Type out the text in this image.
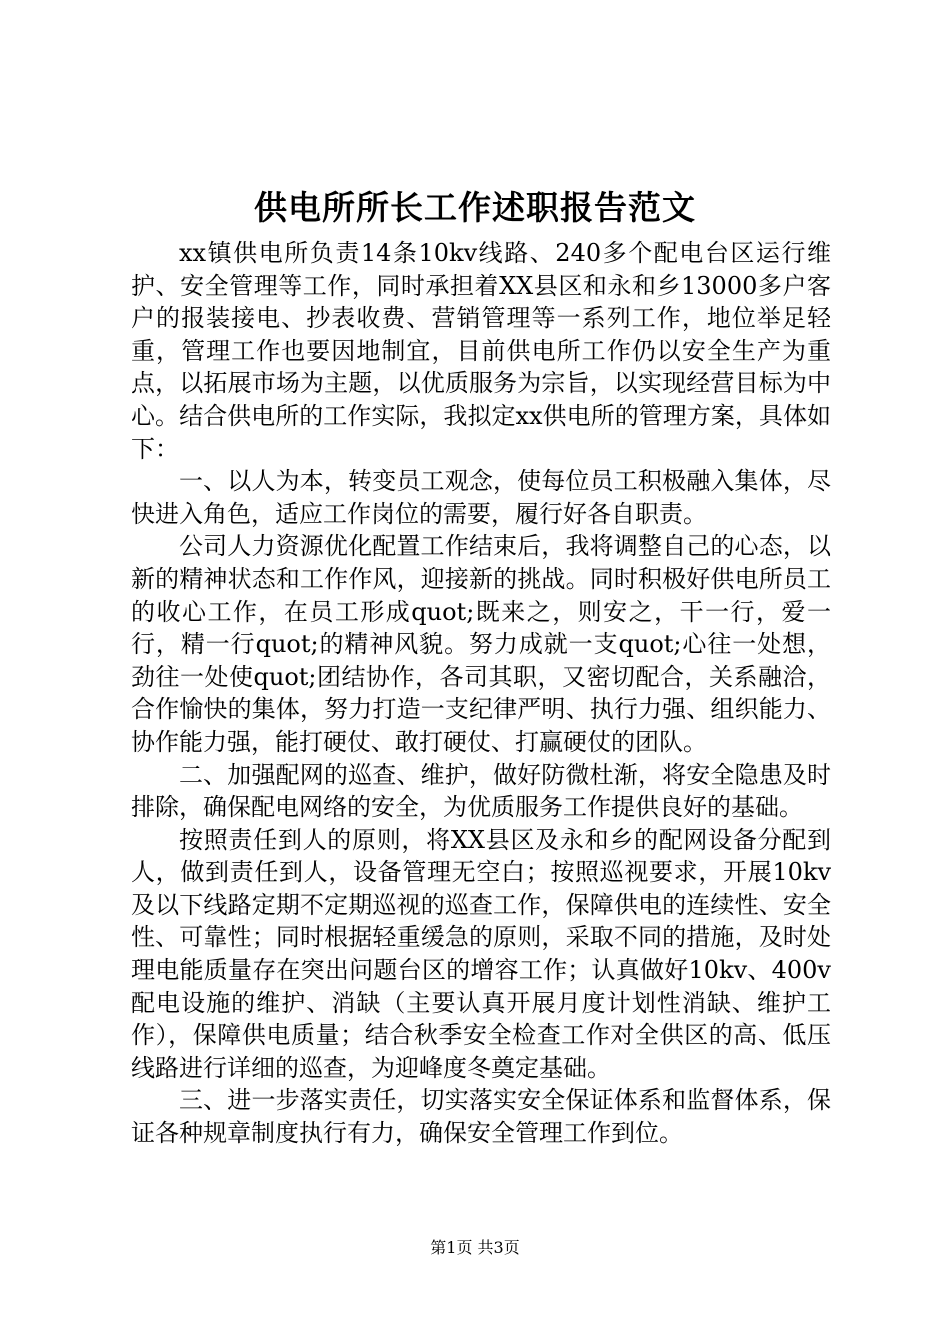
供电所所长工作述职报告范文

xx镇供电所负责14条10kv线路、240多个配电台区运行维护、安全管理等工作，同时承担着XX县区和永和乡13000多户客户的报装接电、抄表收费、营销管理等一系列工作，地位举足轻重，管理工作也要因地制宜，目前供电所工作仍以安全生产为重点，以拓展市场为主题，以优质服务为宗旨，以实现经营目标为中心。结合供电所的工作实际，我拟定xx供电所的管理方案，具体如下：

一、以人为本，转变员工观念，使每位员工积极融入集体，尽快进入角色，适应工作岗位的需要，履行好各自职责。

公司人力资源优化配置工作结束后，我将调整自己的心态，以新的精神状态和工作作风，迎接新的挑战。同时积极好供电所员工的收心工作，在员工形成quot;既来之，则安之，干一行，爱一行，精一行quot;的精神风貌。努力成就一支quot;心往一处想，劲往一处使quot;团结协作，各司其职，又密切配合，关系融洽，合作愉快的集体，努力打造一支纪律严明、执行力强、组织能力、协作能力强，能打硬仗、敢打硬仗、打赢硬仗的团队。

二、加强配网的巡查、维护，做好防微杜渐，将安全隐患及时排除，确保配电网络的安全，为优质服务工作提供良好的基础。

按照责任到人的原则，将XX县区及永和乡的配网设备分配到人，做到责任到人，设备管理无空白；按照巡视要求，开展10kv及以下线路定期不定期巡视的巡查工作，保障供电的连续性、安全性、可靠性；同时根据轻重缓急的原则，采取不同的措施，及时处理电能质量存在突出问题台区的增容工作；认真做好10kv、400v配电设施的维护、消缺（主要认真开展月度计划性消缺、维护工作），保障供电质量；结合秋季安全检查工作对全供区的高、低压线路进行详细的巡查，为迎峰度冬奠定基础。

三、进一步落实责任，切实落实安全保证体系和监督体系，保证各种规章制度执行有力，确保安全管理工作到位。

第1页 共3页
